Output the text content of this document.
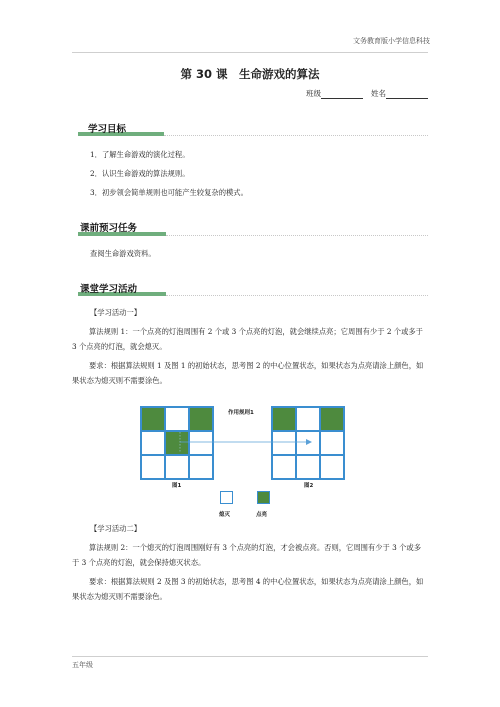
文务教育版小学信息科技
第 30 课　生命游戏的算法
班级	姓名
学习目标
1．了解生命游戏的演化过程。
2．认识生命游戏的算法规则。
3．初步领会简单规则也可能产生较复杂的模式。
课前预习任务
查阅生命游戏资料。
课堂学习活动
【学习活动一】
算法规则 1：一个点亮的灯泡周围有 2 个或 3 个点亮的灯泡，就会继续点亮；它周围有少于 2 个或多于 3 个点亮的灯泡，就会熄灭。
要求：根据算法规则 1 及图 1 的初始状态，思考图 2 的中心位置状态，如果状态为点亮请涂上颜色，如果状态为熄灭则不需要涂色。
作用规则1
图1	图2
熄灭	点亮
【学习活动二】
算法规则 2：一个熄灭的灯泡周围刚好有 3 个点亮的灯泡，才会被点亮。否则，它周围有少于 3 个或多于 3 个点亮的灯泡，就会保持熄灭状态。
要求：根据算法规则 2 及图 3 的初始状态，思考图 4 的中心位置状态，如果状态为点亮请涂上颜色，如果状态为熄灭则不需要涂色。
五年级
